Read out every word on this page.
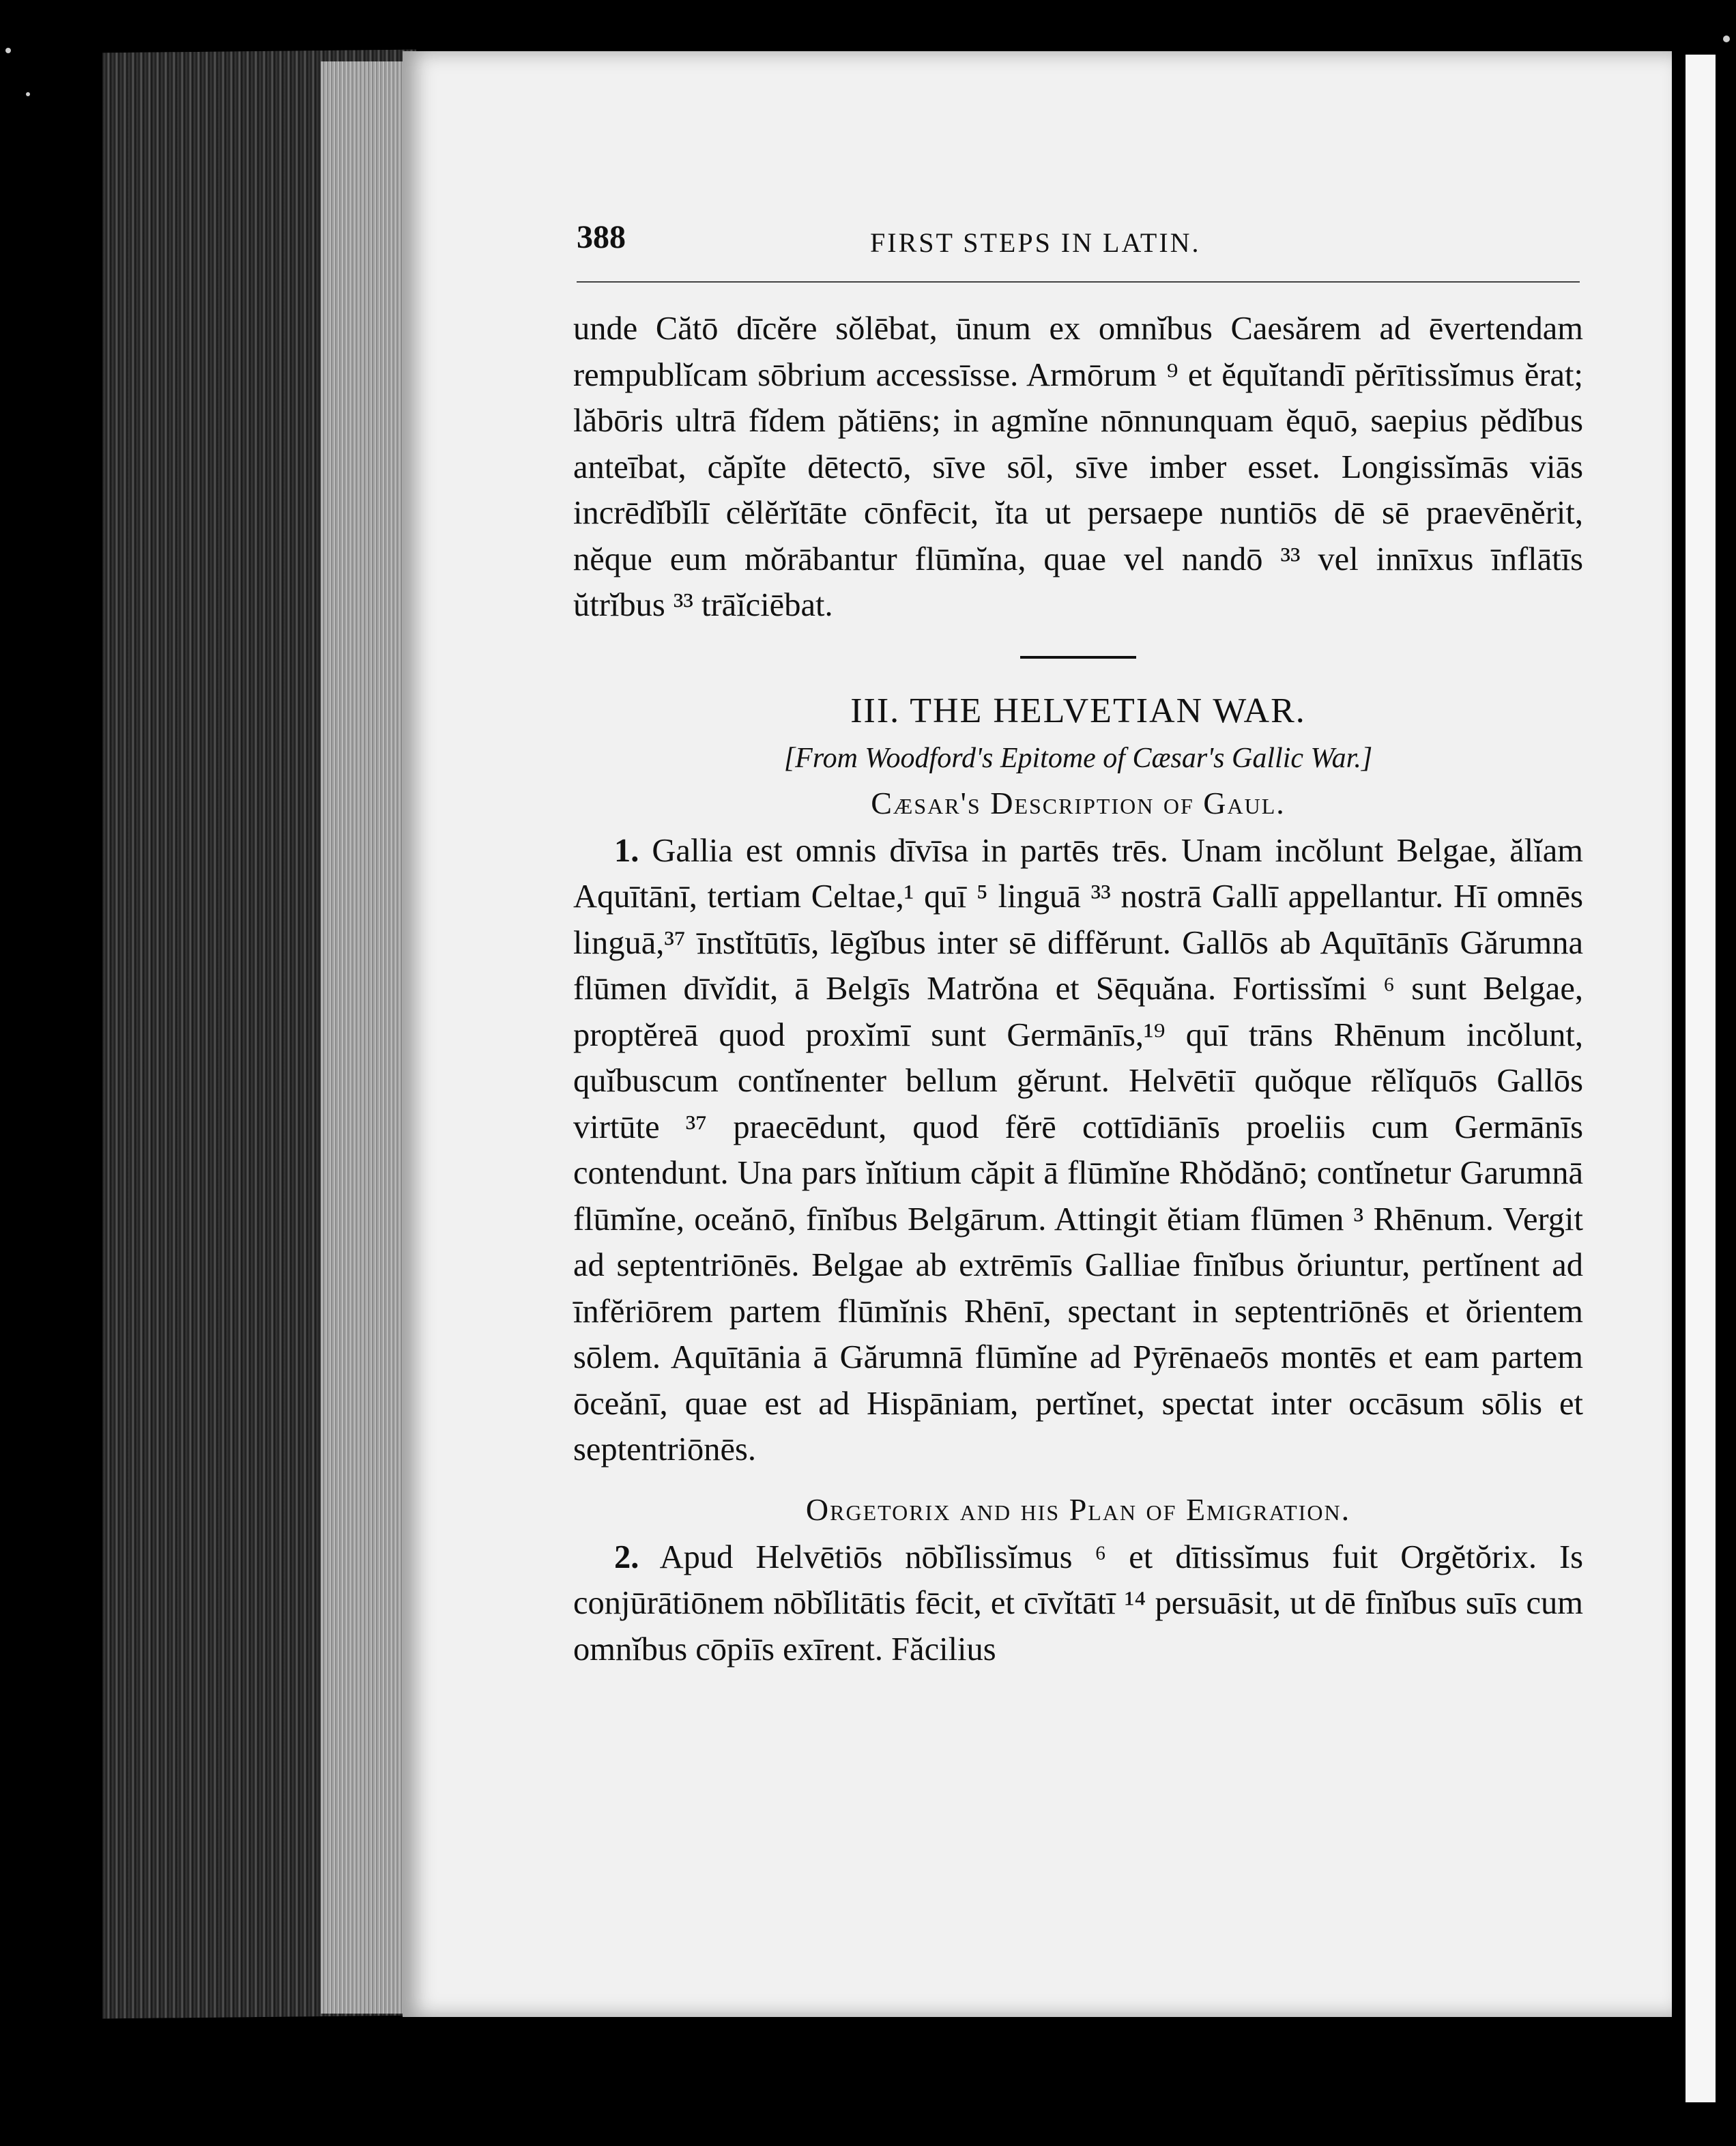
388	FIRST STEPS IN LATIN.

unde Cătō dīcĕre sŏlēbat, ūnum ex omnĭbus Caesărem ad ēvertendam rempublĭcam sōbrium accessīsse. Armōrum ⁹ et ĕquĭtandī pĕrītissĭmus ĕrat; lăbōris ultrā fĭdem pătiēns; in agmĭne nōnnunquam ĕquō, saepius pĕdĭbus anteībat, căpĭte dētectō, sīve sōl, sīve imber esset. Longissĭmās viās incrēdĭbĭlī cĕlĕrĭtāte cōnfēcit, ĭta ut persaepe nuntiōs dē sē praevēnĕrit, nĕque eum mŏrābantur flūmĭna, quae vel nandō ³³ vel innīxus īnflātīs ŭtrĭbus ³³ trāĭciēbat.

III. THE HELVETIAN WAR.

[From Woodford's Epitome of Cæsar's Gallic War.]

Cæsar's Description of Gaul.

1. Gallia est omnis dīvīsa in partēs trēs. Unam incŏlunt Belgae, ălĭam Aquītānī, tertiam Celtae,¹ quī ⁵ linguā ³³ nostrā Gallī appellantur. Hī omnēs linguā,³⁷ īnstĭtūtīs, lēgĭbus inter sē diffĕrunt. Gallōs ab Aquītānīs Gărumna flūmen dīvĭdit, ā Belgīs Matrŏna et Sēquăna. Fortissĭmi ⁶ sunt Belgae, proptĕreā quod proxĭmī sunt Germānīs,¹⁹ quī trāns Rhēnum incŏlunt, quĭbuscum contĭnenter bellum gĕrunt. Helvētiī quŏque rĕlĭquōs Gallōs virtūte ³⁷ praecēdunt, quod fĕrē cottīdiānīs proeliis cum Germānīs contendunt. Una pars ĭnĭtium căpit ā flūmĭne Rhŏdănō; contĭnetur Garumnā flūmĭne, oceănō, fīnĭbus Belgārum. Attingit ĕtiam flūmen ³ Rhēnum. Vergit ad septentriōnēs. Belgae ab extrēmīs Galliae fīnĭbus ŏriuntur, pertĭnent ad īnfĕriōrem partem flūmĭnis Rhēnī, spectant in septentriōnēs et ŏrientem sōlem. Aquītānia ā Gărumnā flūmĭne ad Pȳrēnaeōs montēs et eam partem ōceănī, quae est ad Hispāniam, pertĭnet, spectat inter occāsum sōlis et septentriōnēs.

Orgetorix and his Plan of Emigration.

2. Apud Helvētiōs nōbĭlissĭmus ⁶ et dītissĭmus fuit Orgĕtŏrix. Is conjūrātiōnem nōbĭlitātis fēcit, et cīvĭtātī ¹⁴ persuāsit, ut dē fīnĭbus suīs cum omnĭbus cōpiīs exīrent. Făcilius
